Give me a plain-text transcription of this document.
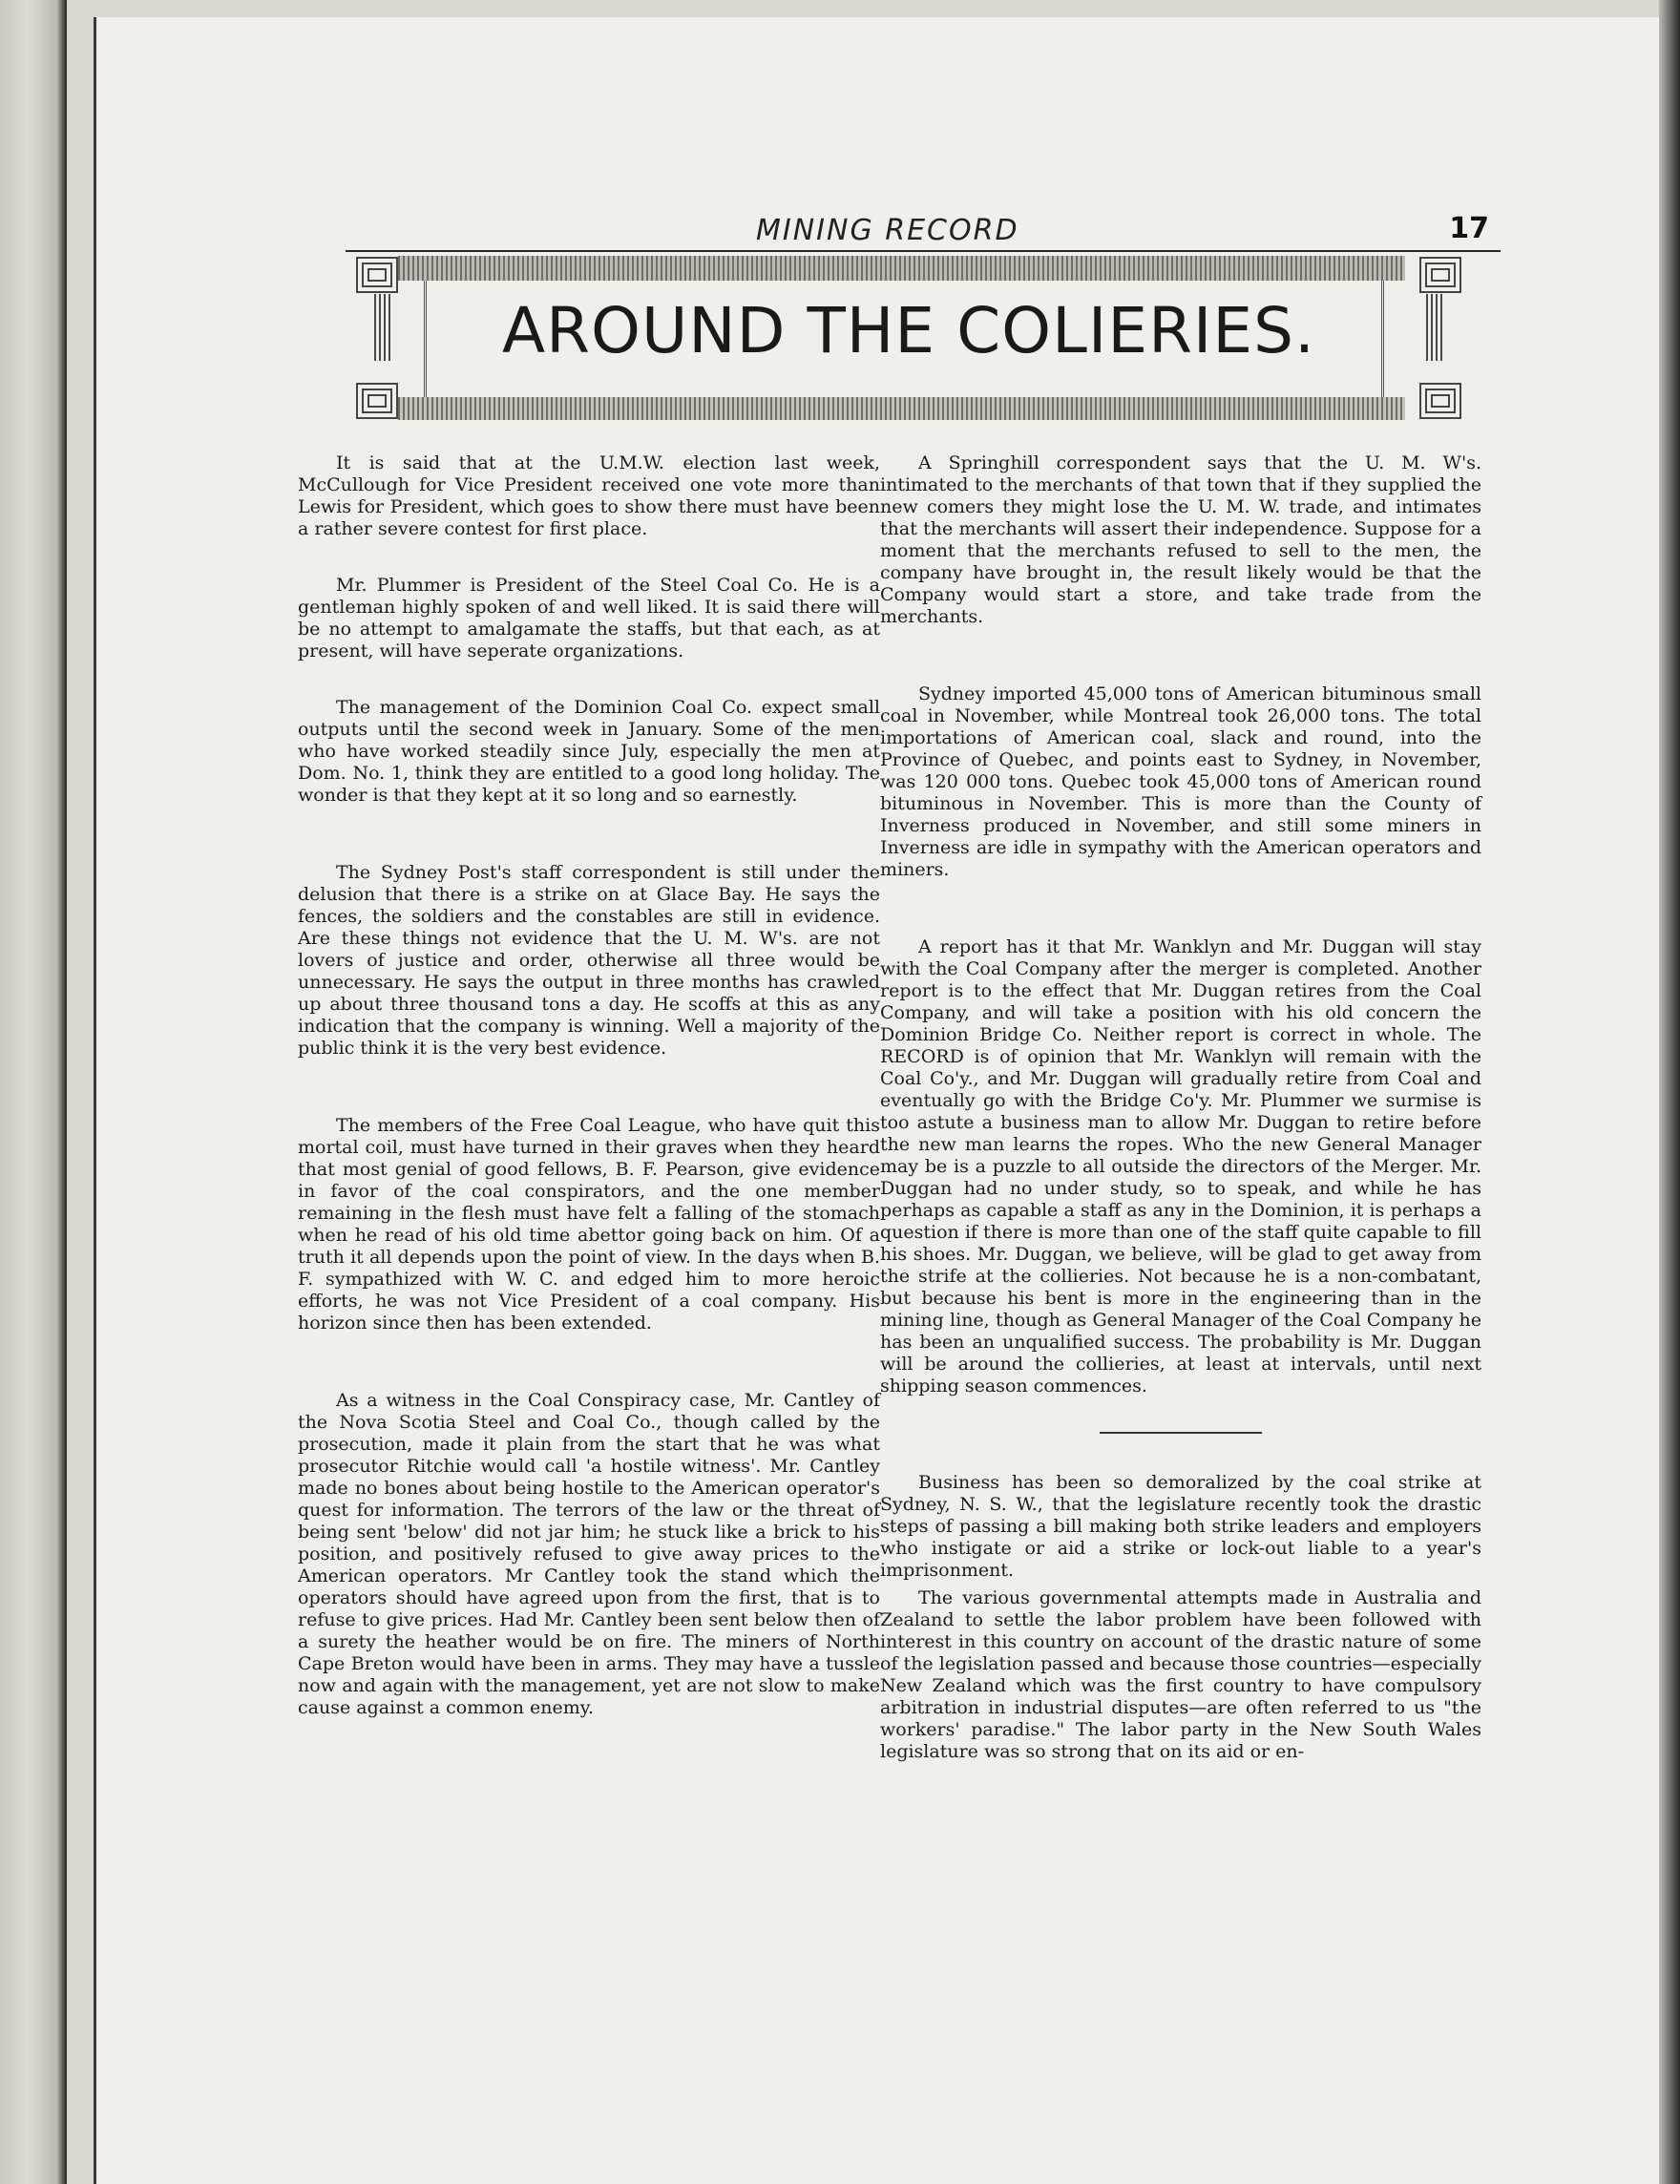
MINING RECORD	17
AROUND THE COLIERIES.

It is said that at the U.M.W. election last week, McCullough for Vice President received one vote more than Lewis for President, which goes to show there must have been a rather severe contest for first place.

Mr. Plummer is President of the Steel Coal Co. He is a gentleman highly spoken of and well liked. It is said there will be no attempt to amalgamate the staffs, but that each, as at present, will have seperate organizations.

The management of the Dominion Coal Co. expect small outputs until the second week in January. Some of the men who have worked steadily since July, especially the men at Dom. No. 1, think they are entitled to a good long holiday. The wonder is that they kept at it so long and so earnestly.

The Sydney Post's staff correspondent is still under the delusion that there is a strike on at Glace Bay. He says the fences, the soldiers and the constables are still in evidence. Are these things not evidence that the U. M. W's. are not lovers of justice and order, otherwise all three would be unnecessary. He says the output in three months has crawled up about three thousand tons a day. He scoffs at this as any indication that the company is winning. Well a majority of the public think it is the very best evidence.

The members of the Free Coal League, who have quit this mortal coil, must have turned in their graves when they heard that most genial of good fellows, B. F. Pearson, give evidence in favor of the coal conspirators, and the one member remaining in the flesh must have felt a falling of the stomach when he read of his old time abettor going back on him. Of a truth it all depends upon the point of view. In the days when B. F. sympathized with W. C. and edged him to more heroic efforts, he was not Vice President of a coal company. His horizon since then has been extended.

As a witness in the Coal Conspiracy case, Mr. Cantley of the Nova Scotia Steel and Coal Co., though called by the prosecution, made it plain from the start that he was what prosecutor Ritchie would call 'a hostile witness'. Mr. Cantley made no bones about being hostile to the American operator's quest for information. The terrors of the law or the threat of being sent 'below' did not jar him; he stuck like a brick to his position, and positively refused to give away prices to the American operators. Mr Cantley took the stand which the operators should have agreed upon from the first, that is to refuse to give prices. Had Mr. Cantley been sent below then of a surety the heather would be on fire. The miners of North Cape Breton would have been in arms. They may have a tussle now and again with the management, yet are not slow to make cause against a common enemy.

A Springhill correspondent says that the U. M. W's. intimated to the merchants of that town that if they supplied the new comers they might lose the U. M. W. trade, and intimates that the merchants will assert their independence. Suppose for a moment that the merchants refused to sell to the men, the company have brought in, the result likely would be that the Company would start a store, and take trade from the merchants.

Sydney imported 45,000 tons of American bituminous small coal in November, while Montreal took 26,000 tons. The total importations of American coal, slack and round, into the Province of Quebec, and points east to Sydney, in November, was 120 000 tons. Quebec took 45,000 tons of American round bituminous in November. This is more than the County of Inverness produced in November, and still some miners in Inverness are idle in sympathy with the American operators and miners.

A report has it that Mr. Wanklyn and Mr. Duggan will stay with the Coal Company after the merger is completed. Another report is to the effect that Mr. Duggan retires from the Coal Company, and will take a position with his old concern the Dominion Bridge Co. Neither report is correct in whole. The RECORD is of opinion that Mr. Wanklyn will remain with the Coal Co'y., and Mr. Duggan will gradually retire from Coal and eventually go with the Bridge Co'y. Mr. Plummer we surmise is too astute a business man to allow Mr. Duggan to retire before the new man learns the ropes. Who the new General Manager may be is a puzzle to all outside the directors of the Merger. Mr. Duggan had no under study, so to speak, and while he has perhaps as capable a staff as any in the Dominion, it is perhaps a question if there is more than one of the staff quite capable to fill his shoes. Mr. Duggan, we believe, will be glad to get away from the strife at the collieries. Not because he is a non-combatant, but because his bent is more in the engineering than in the mining line, though as General Manager of the Coal Company he has been an unqualified success. The probability is Mr. Duggan will be around the collieries, at least at intervals, until next shipping season commences.

Business has been so demoralized by the coal strike at Sydney, N. S. W., that the legislature recently took the drastic steps of passing a bill making both strike leaders and employers who instigate or aid a strike or lock-out liable to a year's imprisonment.

The various governmental attempts made in Australia and Zealand to settle the labor problem have been followed with interest in this country on account of the drastic nature of some of the legislation passed and because those countries—especially New Zealand which was the first country to have compulsory arbitration in industrial disputes—are often referred to us "the workers' paradise." The labor party in the New South Wales legislature was so strong that on its aid or en-
